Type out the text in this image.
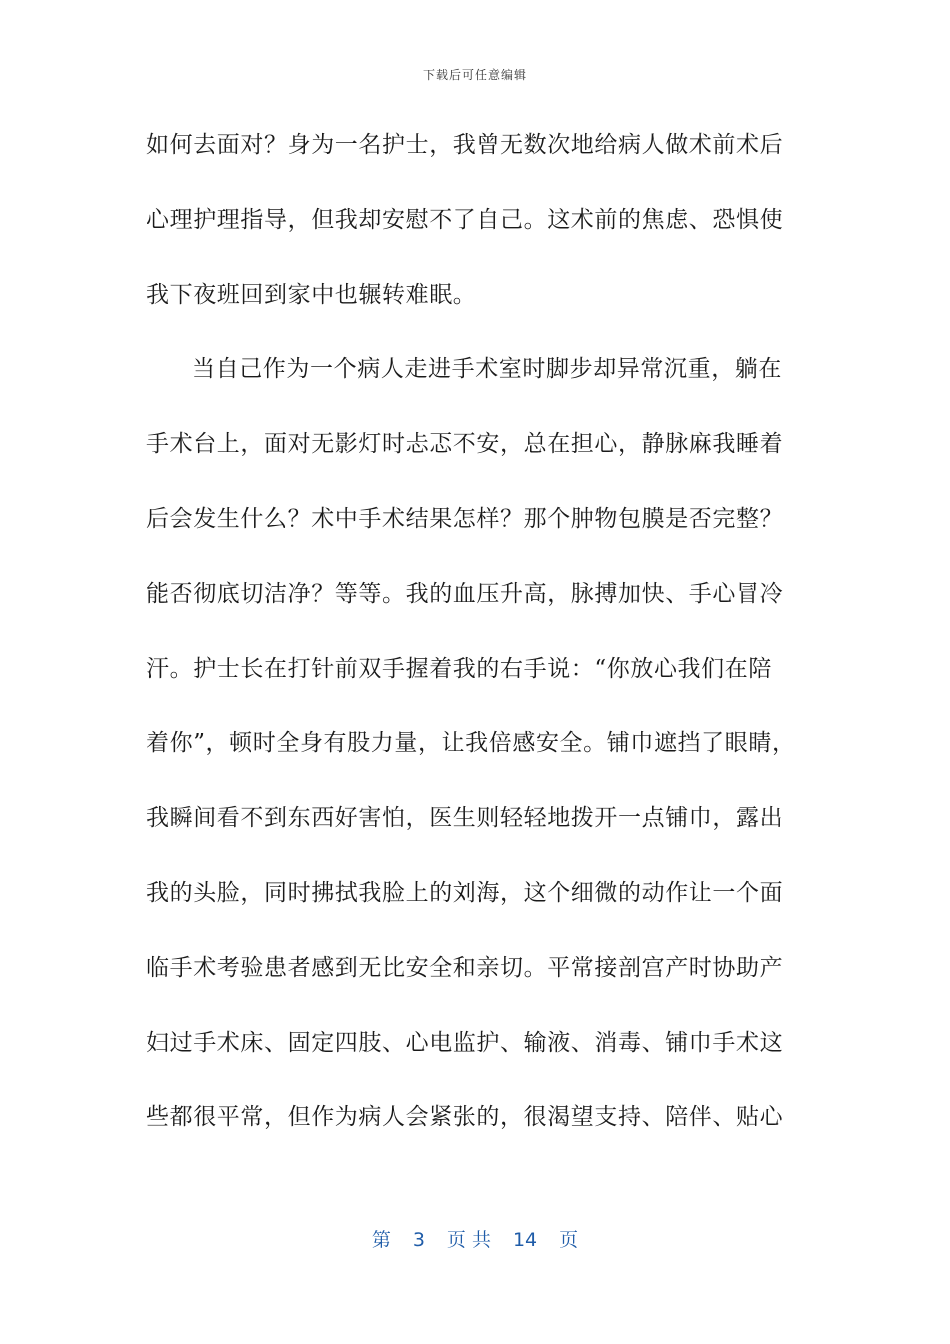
下载后可任意编辑
如何去面对？身为一名护士，我曾无数次地给病人做术前术后
心理护理指导，但我却安慰不了自己。这术前的焦虑、恐惧使
我下夜班回到家中也辗转难眠。
当自己作为一个病人走进手术室时脚步却异常沉重，躺在
手术台上，面对无影灯时忐忑不安，总在担心，静脉麻我睡着
后会发生什么？术中手术结果怎样？那个肿物包膜是否完整？
能否彻底切洁净？等等。我的血压升高，脉搏加快、手心冒冷
汗。护士长在打针前双手握着我的右手说：“你放心我们在陪
着你”，顿时全身有股力量，让我倍感安全。铺巾遮挡了眼睛，
我瞬间看不到东西好害怕，医生则轻轻地拨开一点铺巾，露出
我的头脸，同时拂拭我脸上的刘海，这个细微的动作让一个面
临手术考验患者感到无比安全和亲切。平常接剖宫产时协助产
妇过手术床、固定四肢、心电监护、输液、消毒、铺巾手术这
些都很平常，但作为病人会紧张的，很渴望支持、陪伴、贴心
第 3 页 共 14 页
